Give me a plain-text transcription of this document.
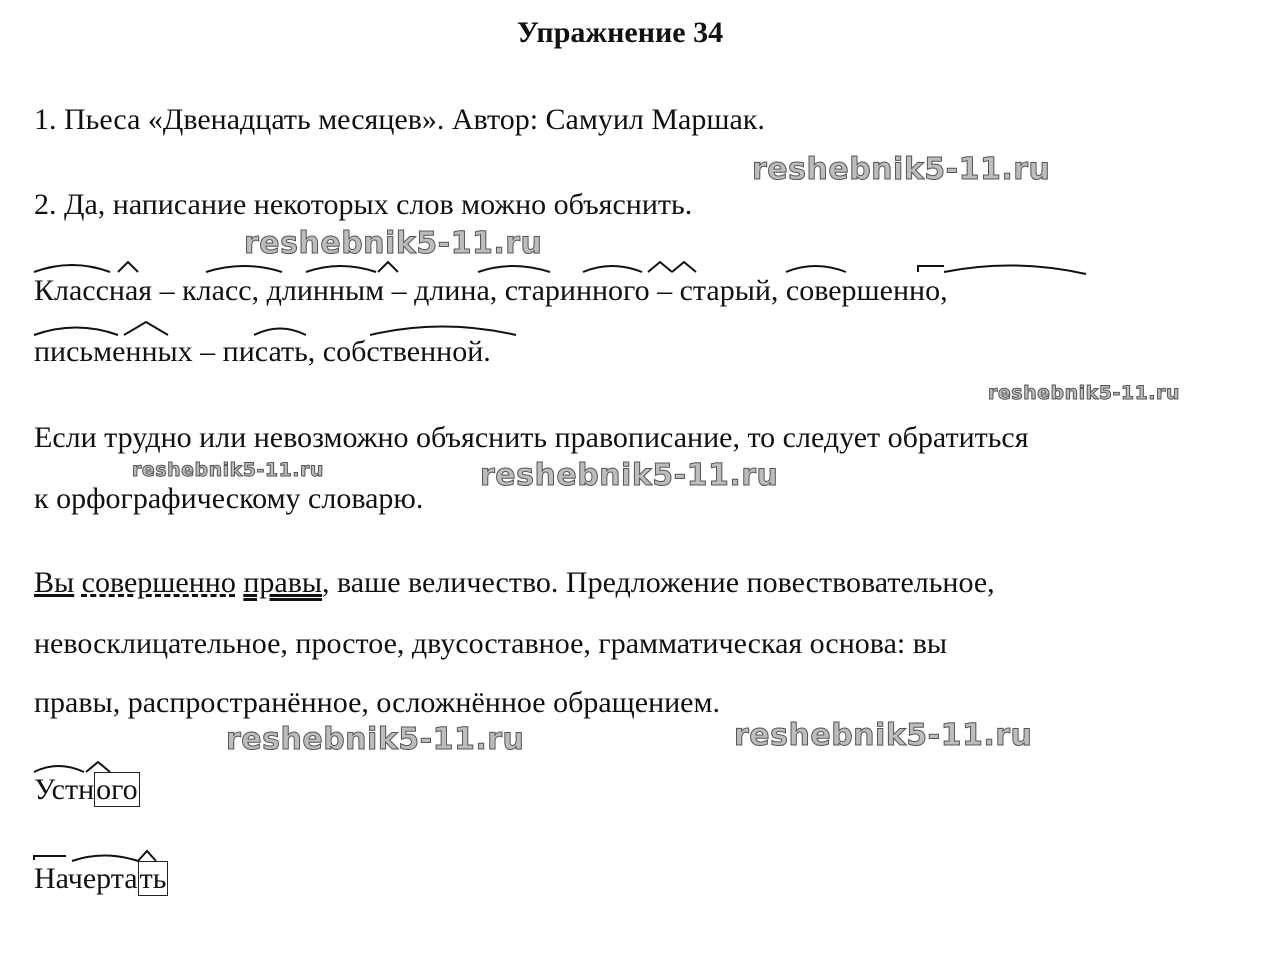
Упражнение 34
1. Пьеса «Двенадцать месяцев». Автор: Самуил Маршак.
2. Да, написание некоторых слов можно объяснить.
Классная – класс, длинным – длина, старинного – старый, совершенно,
письменных – писать, собственной.
Если трудно или невозможно объяснить правописание, то следует обратиться
к орфографическому словарю.
Вы совершенно правы, ваше величество. Предложение повествовательное,
невосклицательное, простое, двусоставное, грамматическая основа: вы
правы, распространённое, осложнённое обращением.
Устного
Начертать
reshebnik5-11.ru
reshebnik5-11.ru
reshebnik5-11.ru
reshebnik5-11.ru	reshebnik5-11.ru
reshebnik5-11.ru	reshebnik5-11.ru
